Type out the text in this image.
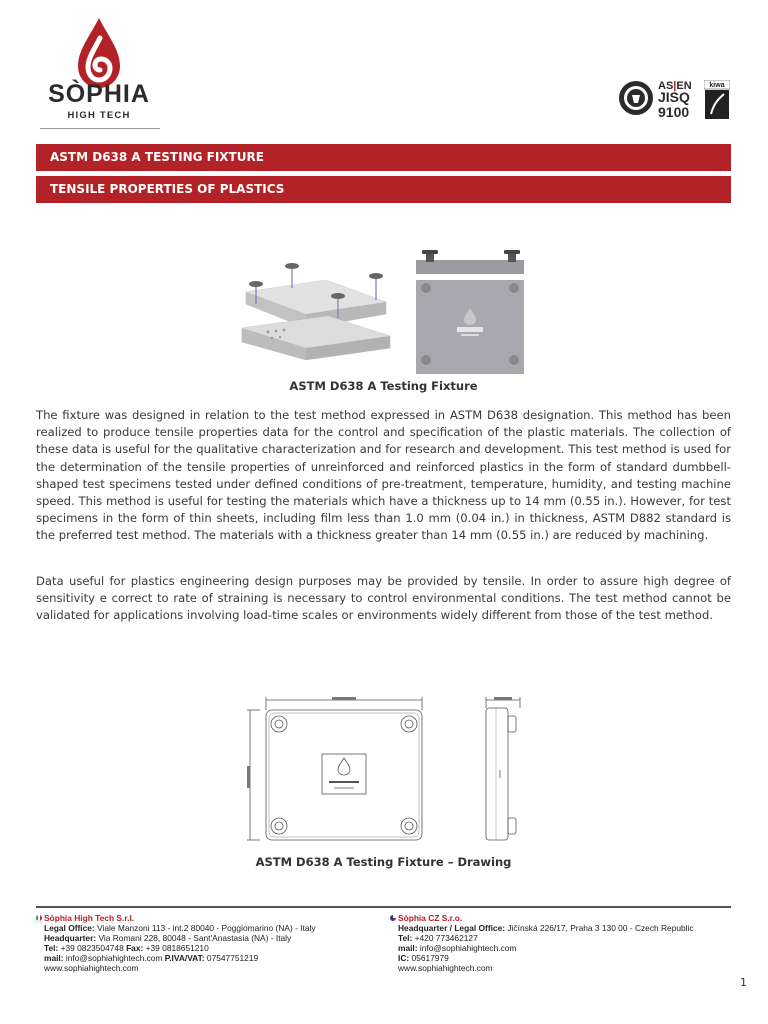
SÒPHIA
HIGH TECH
AS|EN
JISQ
9100
kiwa
ASTM D638 A TESTING FIXTURE
TENSILE PROPERTIES OF PLASTICS
ASTM D638 A Testing Fixture

The fixture was designed in relation to the test method expressed in ASTM D638 designation. This method has been realized to produce tensile properties data for the control and specification of the plastic materials. The collection of these data is useful for the qualitative characterization and for research and development. This test method is used for the determination of the tensile properties of unreinforced and reinforced plastics in the form of standard dumbbell-shaped test specimens tested under defined conditions of pre-treatment, temperature, humidity, and testing machine speed. This method is useful for testing the materials which have a thickness up to 14 mm (0.55 in.). However, for test specimens in the form of thin sheets, including film less than 1.0 mm (0.04 in.) in thickness, ASTM D882 standard is the preferred test method. The materials with a thickness greater than 14 mm (0.55 in.) are reduced by machining.

Data useful for plastics engineering design purposes may be provided by tensile. In order to assure high degree of sensitivity e correct to rate of straining is necessary to control environmental conditions. The test method cannot be validated for applications involving load-time scales or environments widely different from those of the test method.

ASTM D638 A Testing Fixture – Drawing
Sòphia High Tech S.r.l.
Legal Office: Viale Manzoni 113 - int.2 80040 - Poggiomarino (NA) - Italy
Headquarter: Via Romani 228, 80048 - Sant'Anastasia (NA) - Italy
Tel: +39 0823504748 Fax: +39 0818651210
mail: info@sophiahightech.com P.IVA/VAT: 07547751219
www.sophiahightech.com
Sòphia CZ S.r.o.
Headquarter / Legal Office: Jičínská 226/17, Praha 3 130 00 - Czech Republic
Tel: +420 773462127
mail: info@sophiahightech.com
IC: 05617979
www.sophiahightech.com
1
